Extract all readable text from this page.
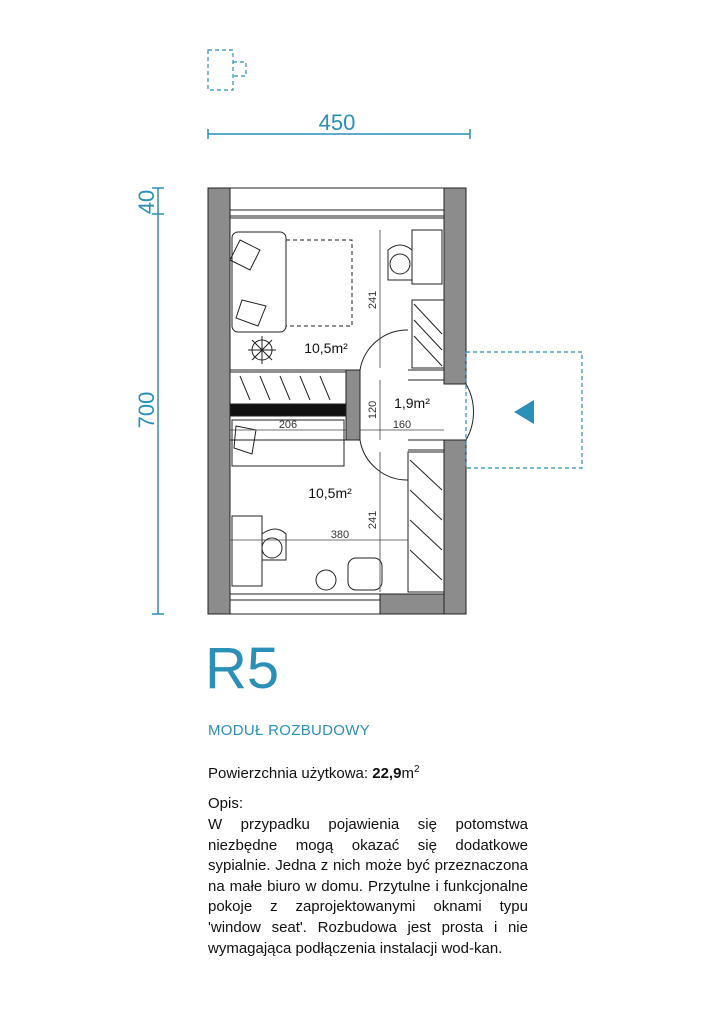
450
40
700
241
120
160
206
241
380
10,5m²
1,9m²
10,5m²
R5
MODUŁ ROZBUDOWY
Powierzchnia użytkowa: $22,9m^2$
Opis:

W przypadku pojawienia się potomstwa niezbędne mogą okazać się dodatkowe sypialnie. Jedna z nich może być przeznaczona na małe biuro w domu. Przytulne i funkcjonalne pokoje z zaprojektowanymi oknami typu 'window seat'. Rozbudowa jest prosta i nie wymagająca podłączenia instalacji wod-kan.
